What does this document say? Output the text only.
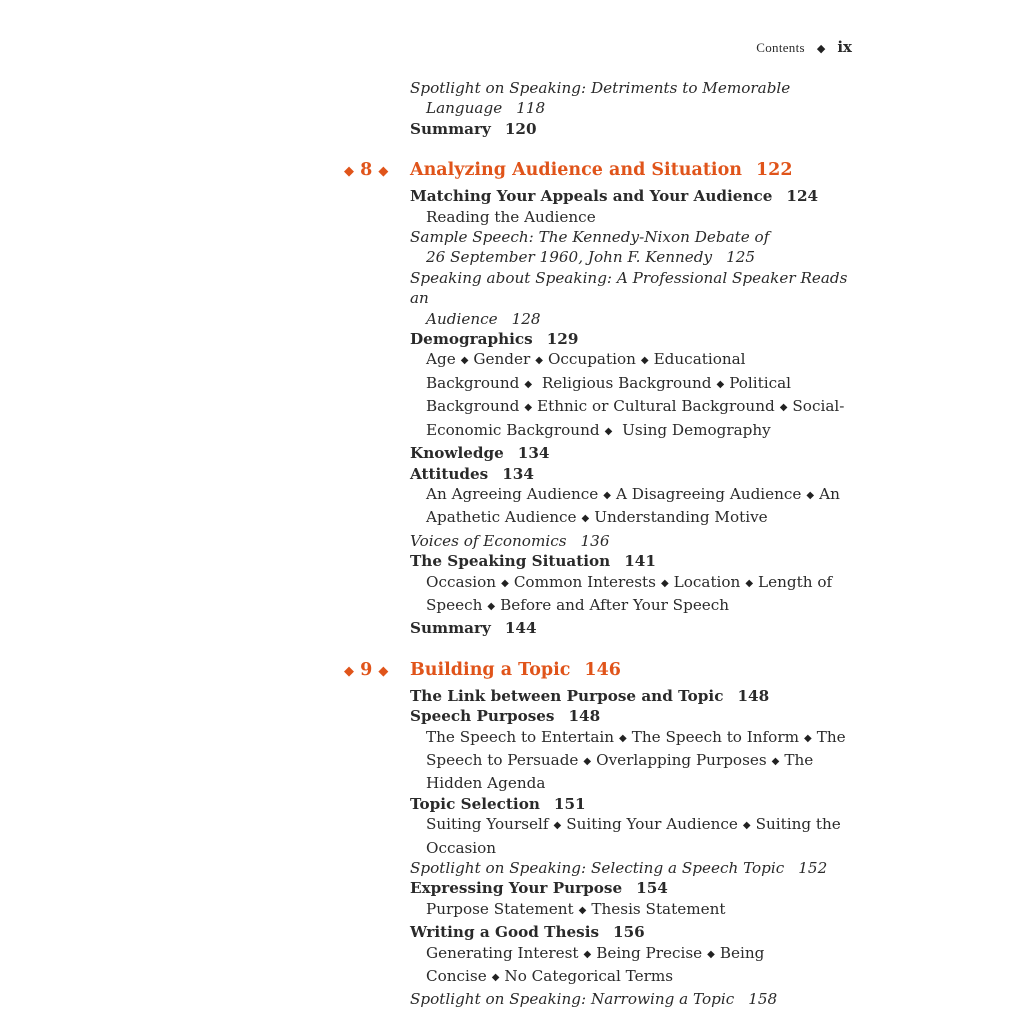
Contents ◆ ix
Spotlight on Speaking: Detriments to Memorable
Language 118
Summary 120
◆ 8 ◆ Analyzing Audience and Situation 122
Matching Your Appeals and Your Audience 124
Reading the Audience
Sample Speech: The Kennedy-Nixon Debate of
26 September 1960, John F. Kennedy 125
Speaking about Speaking: A Professional Speaker Reads an
Audience 128
Demographics 129
Age ◆ Gender ◆ Occupation ◆ Educational Background ◆ Religious Background ◆ Political Background ◆ Ethnic or Cultural Background ◆ Social-Economic Background ◆ Using Demography
Knowledge 134
Attitudes 134
An Agreeing Audience ◆ A Disagreeing Audience ◆ An Apathetic Audience ◆ Understanding Motive
Voices of Economics 136
The Speaking Situation 141
Occasion ◆ Common Interests ◆ Location ◆ Length of Speech ◆ Before and After Your Speech
Summary 144
◆ 9 ◆ Building a Topic 146
The Link between Purpose and Topic 148
Speech Purposes 148
The Speech to Entertain ◆ The Speech to Inform ◆ The Speech to Persuade ◆ Overlapping Purposes ◆ The Hidden Agenda
Topic Selection 151
Suiting Yourself ◆ Suiting Your Audience ◆ Suiting the Occasion
Spotlight on Speaking: Selecting a Speech Topic 152
Expressing Your Purpose 154
Purpose Statement ◆ Thesis Statement
Writing a Good Thesis 156
Generating Interest ◆ Being Precise ◆ Being Concise ◆ No Categorical Terms
Spotlight on Speaking: Narrowing a Topic 158
